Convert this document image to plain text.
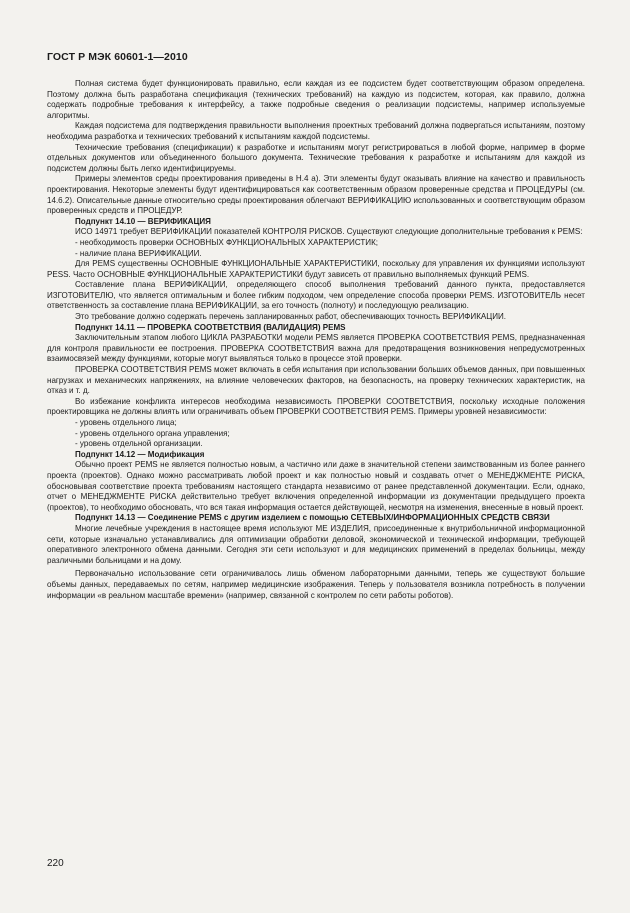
ГОСТ Р МЭК 60601-1—2010

Полная система будет функционировать правильно, если каждая из ее подсистем будет соответствующим образом определена. Поэтому должна быть разработана спецификация (технических требований) на каждую из подсистем, которая, как правило, должна содержать подробные требования к интерфейсу, а также подробные сведения о реализации подсистемы, например используемые алгоритмы.

Каждая подсистема для подтверждения правильности выполнения проектных требований должна подвергаться испытаниям, поэтому необходима разработка и технических требований к испытаниям каждой подсистемы.

Технические требования (спецификации) к разработке и испытаниям могут регистрироваться в любой форме, например в форме отдельных документов или объединенного большого документа. Технические требования к разработке и испытаниям для каждой из подсистем должны быть легко идентифицируемы.

Примеры элементов среды проектирования приведены в Н.4 а). Эти элементы будут оказывать влияние на качество и правильность проектирования. Некоторые элементы будут идентифицироваться как соответственным образом проверенные средства и ПРОЦЕДУРЫ (см. 14.6.2). Описательные данные относительно среды проектирования облегчают ВЕРИФИКАЦИЮ использованных и соответствующим образом проверенных средств и ПРОЦЕДУР.

Подпункт 14.10 — ВЕРИФИКАЦИЯ

ИСО 14971 требует ВЕРИФИКАЦИИ показателей КОНТРОЛЯ РИСКОВ. Существуют следующие дополнительные требования к PEMS:

- необходимость проверки ОСНОВНЫХ ФУНКЦИОНАЛЬНЫХ ХАРАКТЕРИСТИК;

- наличие плана ВЕРИФИКАЦИИ.

Для PEMS существенны ОСНОВНЫЕ ФУНКЦИОНАЛЬНЫЕ ХАРАКТЕРИСТИКИ, поскольку для управления их функциями используют PESS. Часто ОСНОВНЫЕ ФУНКЦИОНАЛЬНЫЕ ХАРАКТЕРИСТИКИ будут зависеть от правильно выполняемых функций PEMS.

Составление плана ВЕРИФИКАЦИИ, определяющего способ выполнения требований данного пункта, предоставляется ИЗГОТОВИТЕЛЮ, что является оптимальным и более гибким подходом, чем определение способа проверки PEMS. ИЗГОТОВИТЕЛЬ несет ответственность за составление плана ВЕРИФИКАЦИИ, за его точность (полноту) и последующую реализацию.

Это требование должно содержать перечень запланированных работ, обеспечивающих точность ВЕРИФИКАЦИИ.

Подпункт 14.11 — ПРОВЕРКА СООТВЕТСТВИЯ (ВАЛИДАЦИЯ) PEMS

Заключительным этапом любого ЦИКЛА РАЗРАБОТКИ модели PEMS является ПРОВЕРКА СООТВЕТСТВИЯ PEMS, предназначенная для контроля правильности ее построения. ПРОВЕРКА СООТВЕТСТВИЯ важна для предотвращения возникновения непредусмотренных взаимосвязей между функциями, которые могут выявляться только в процессе этой проверки.

ПРОВЕРКА СООТВЕТСТВИЯ PEMS может включать в себя испытания при использовании больших объемов данных, при повышенных нагрузках и механических напряжениях, на влияние человеческих факторов, на безопасность, на проверку технических характеристик, на отказ и т. д.

Во избежание конфликта интересов необходима независимость ПРОВЕРКИ СООТВЕТСТВИЯ, поскольку исходные положения проектировщика не должны влиять или ограничивать объем ПРОВЕРКИ СООТВЕТСТВИЯ PEMS. Примеры уровней независимости:

- уровень отдельного лица;

- уровень отдельного органа управления;

- уровень отдельной организации.

Подпункт 14.12 — Модификация

Обычно проект PEMS не является полностью новым, а частично или даже в значительной степени заимствованным из более раннего проекта (проектов). Однако можно рассматривать любой проект и как полностью новый и создавать отчет о МЕНЕДЖМЕНТЕ РИСКА, обосновывая соответствие проекта требованиям настоящего стандарта независимо от ранее представленной документации. Если, однако, отчет о МЕНЕДЖМЕНТЕ РИСКА действительно требует включения определенной информации из документации предыдущего проекта (проектов), то необходимо обосновать, что вся такая информация остается действующей, несмотря на изменения, внесенные в новый проект.

Подпункт 14.13 — Соединение PEMS с другим изделием с помощью СЕТЕВЫХ/ИНФОРМАЦИОННЫХ СРЕДСТВ СВЯЗИ

Многие лечебные учреждения в настоящее время используют МЕ ИЗДЕЛИЯ, присоединенные к внутрибольничной информационной сети, которые изначально устанавливались для оптимизации обработки деловой, экономической и технической информации, требующей оперативного электронного обмена данными. Сегодня эти сети используют и для медицинских применений в пределах больницы, между различными больницами и на дому.

Первоначально использование сети ограничивалось лишь обменом лабораторными данными, теперь же существуют большие объемы данных, передаваемых по сетям, например медицинские изображения. Теперь у пользователя возникла потребность в получении информации «в реальном масштабе времени» (например, связанной с контролем по сети работы роботов).

220
